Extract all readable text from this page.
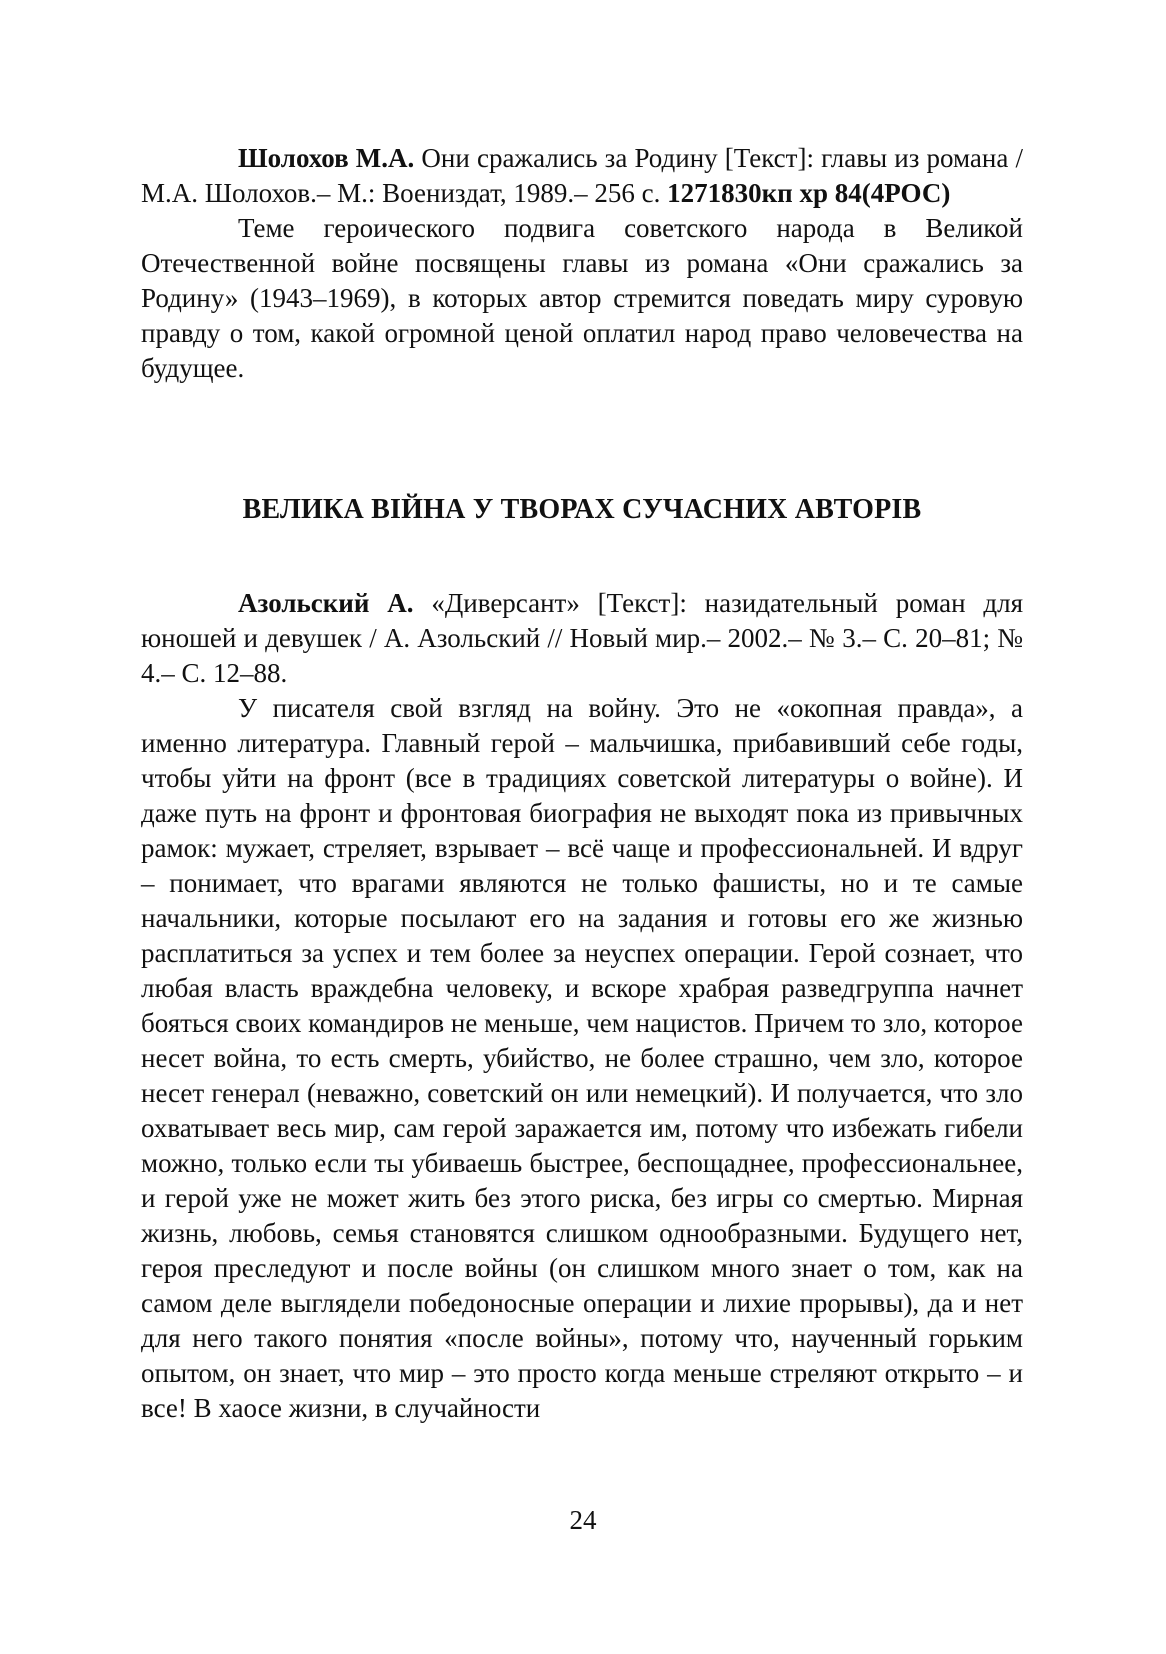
Шолохов М.А. Они сражались за Родину [Текст]: главы из романа / М.А. Шолохов.– М.: Воениздат, 1989.– 256 с. 1271830кп хр 84(4РОС)

Теме героического подвига советского народа в Великой Отечественной войне посвящены главы из романа «Они сражались за Родину» (1943–1969), в которых автор стремится поведать миру суровую правду о том, какой огромной ценой оплатил народ право человечества на будущее.

ВЕЛИКА ВІЙНА У ТВОРАХ СУЧАСНИХ АВТОРІВ

Азольский А. «Диверсант» [Текст]: назидательный роман для юношей и девушек / А. Азольский // Новый мир.– 2002.– № 3.– С. 20–81; № 4.– С. 12–88.

У писателя свой взгляд на войну. Это не «окопная правда», а именно литература. Главный герой – мальчишка, прибавивший себе годы, чтобы уйти на фронт (все в традициях советской литературы о войне). И даже путь на фронт и фронтовая биография не выходят пока из привычных рамок: мужает, стреляет, взрывает – всё чаще и профессиональней. И вдруг – понимает, что врагами являются не только фашисты, но и те самые начальники, которые посылают его на задания и готовы его же жизнью расплатиться за успех и тем более за неуспех операции. Герой сознает, что любая власть враждебна человеку, и вскоре храбрая разведгруппа начнет бояться своих командиров не меньше, чем нацистов. Причем то зло, которое несет война, то есть смерть, убийство, не более страшно, чем зло, которое несет генерал (неважно, советский он или немецкий). И получается, что зло охватывает весь мир, сам герой заражается им, потому что избежать гибели можно, только если ты убиваешь быстрее, беспощаднее, профессиональнее, и герой уже не может жить без этого риска, без игры со смертью. Мирная жизнь, любовь, семья становятся слишком однообразными. Будущего нет, героя преследуют и после войны (он слишком много знает о том, как на самом деле выглядели победоносные операции и лихие прорывы), да и нет для него такого понятия «после войны», потому что, наученный горьким опытом, он знает, что мир – это просто когда меньше стреляют открыто – и все! В хаосе жизни, в случайности

24
